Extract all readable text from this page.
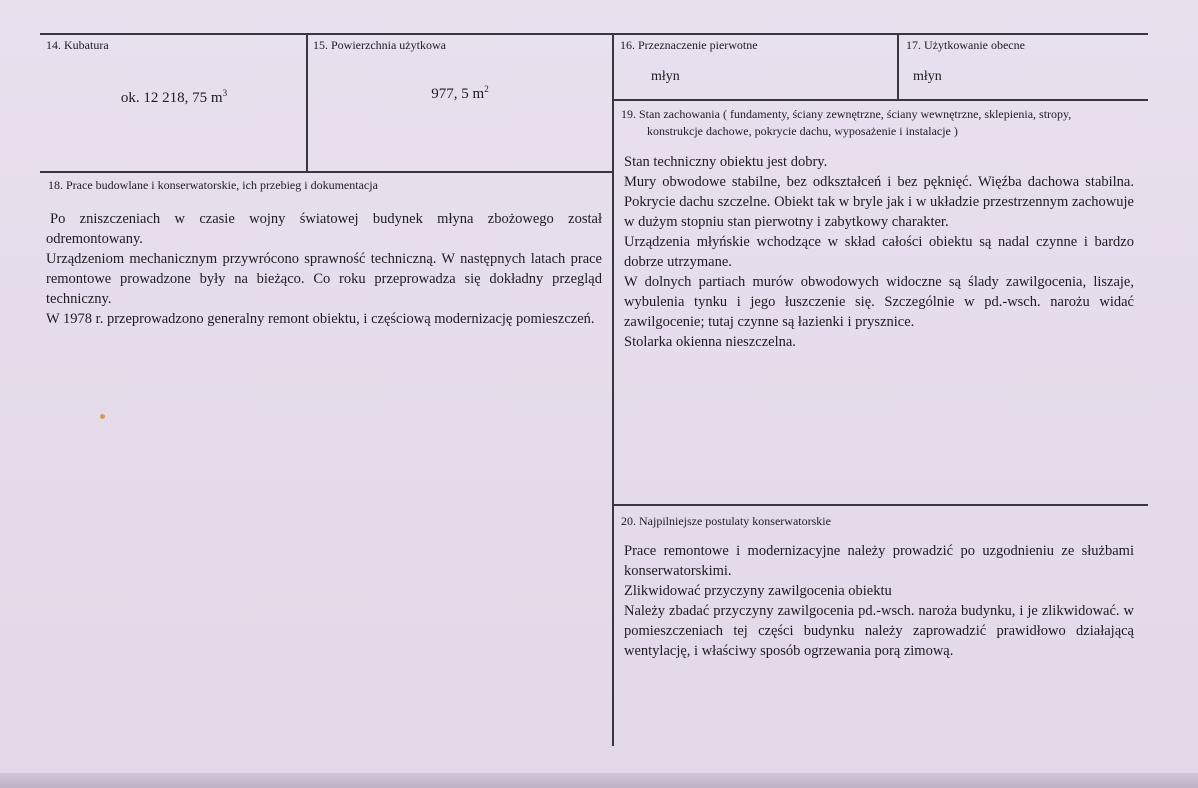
14. Kubatura
ok. 12 218, 75 $m^3$
15. Powierzchnia użytkowa
977, 5 $m^2$
16. Przeznaczenie pierwotne
młyn
17. Użytkowanie obecne
młyn
19. Stan zachowania ( fundamenty, ściany zewnętrzne, ściany wewnętrzne, sklepienia, stropy,
konstrukcje dachowe, pokrycie dachu, wyposażenie i instalacje )

Stan techniczny obiektu jest dobry.

Mury obwodowe stabilne, bez odkształceń i bez pęknięć. Więźba dachowa stabilna. Pokrycie dachu szczelne. Obiekt tak w bryle jak i w układzie przestrzennym zachowuje w dużym stopniu stan pierwotny i zabytkowy charakter.

Urządzenia młyńskie wchodzące w skład całości obiektu są nadal czynne i bardzo dobrze utrzymane.

W dolnych partiach murów obwodowych widoczne są ślady zawilgocenia, liszaje, wybulenia tynku i jego łuszczenie się. Szczególnie w pd.-wsch. narożu widać zawilgocenie; tutaj czynne są łazienki i prysznice.

Stolarka okienna nieszczelna.

18. Prace budowlane i konserwatorskie, ich przebieg i dokumentacja

Po zniszczeniach w czasie wojny światowej budynek młyna zbożowego został odremontowany.

Urządzeniom mechanicznym przywrócono sprawność techniczną. W następnych latach prace remontowe prowadzone były na bieżąco. Co roku przeprowadza się dokładny przegląd techniczny.

W 1978 r. przeprowadzono generalny remont obiektu, i częściową modernizację pomieszczeń.

20. Najpilniejsze postulaty konserwatorskie

Prace remontowe i modernizacyjne należy prowadzić po uzgodnieniu ze służbami konserwatorskimi.

Zlikwidować przyczyny zawilgocenia obiektu

Należy zbadać przyczyny zawilgocenia pd.-wsch. naroża budynku, i je zlikwidować. w pomieszczeniach tej części budynku należy zaprowadzić prawidłowo działającą wentylację, i właściwy sposób ogrzewania porą zimową.
